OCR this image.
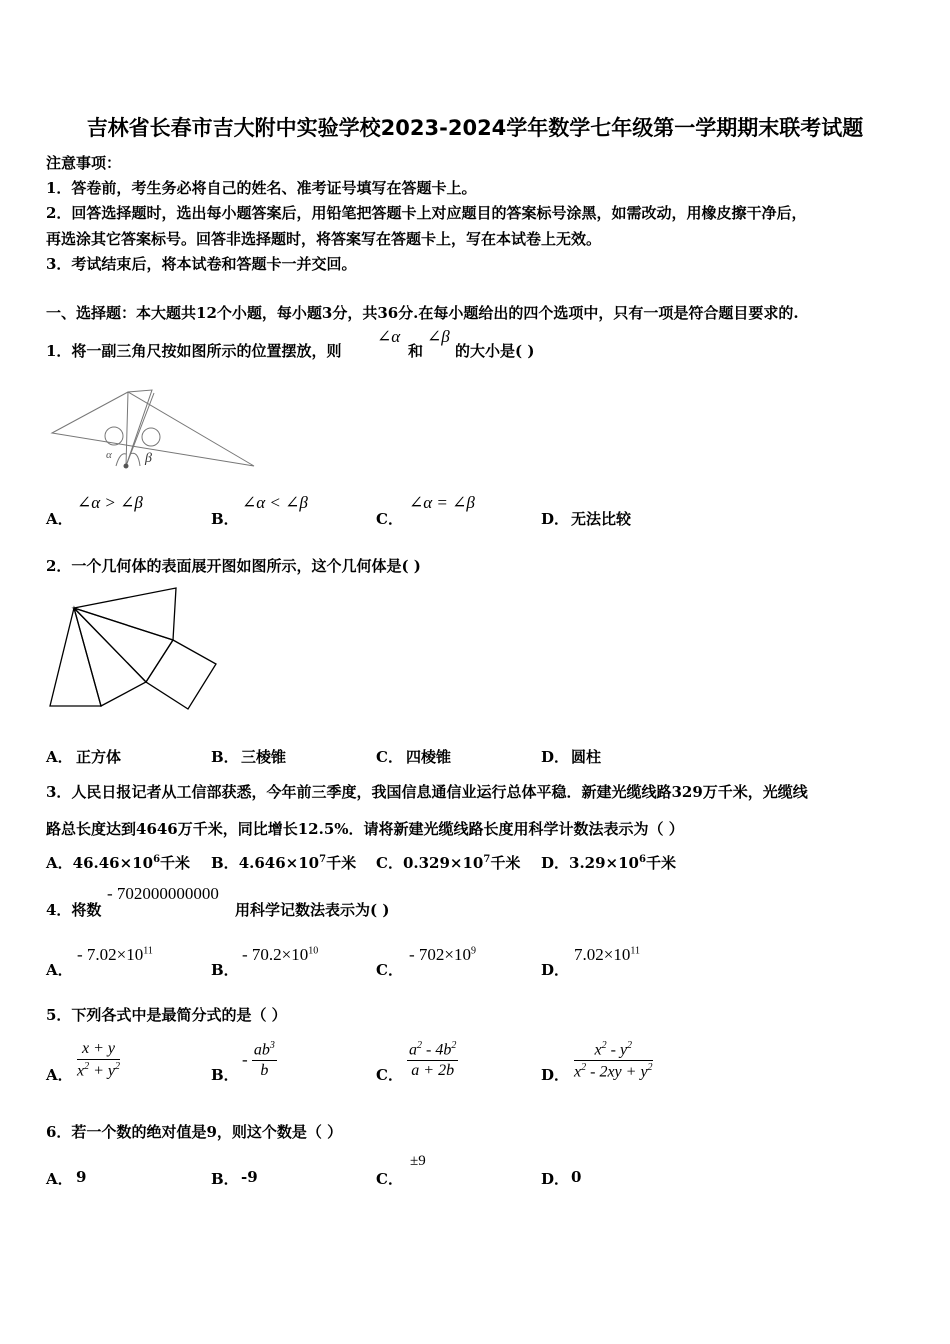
吉林省长春市吉大附中实验学校2023-2024学年数学七年级第一学期期末联考试题
注意事项：
1．答卷前，考生务必将自己的姓名、准考证号填写在答题卡上。
2．回答选择题时，选出每小题答案后，用铅笔把答题卡上对应题目的答案标号涂黑，如需改动，用橡皮擦干净后，
再选涂其它答案标号。回答非选择题时，将答案写在答题卡上，写在本试卷上无效。
3．考试结束后，将本试卷和答题卡一并交回。
一、选择题：本大题共12个小题，每小题3分，共36分.在每小题给出的四个选项中，只有一项是符合题目要求的.
1．将一副三角尺按如图所示的位置摆放，则
∠α
和
∠β
的大小是( )
α β
A．
∠α > ∠β
B．
∠α < ∠β
C．
∠α = ∠β
D． 无法比较
2．一个几何体的表面展开图如图所示，这个几何体是( )
A． 正方体	B． 三棱锥	C． 四棱锥	D． 圆柱
3．人民日报记者从工信部获悉，今年前三季度，我国信息通信业运行总体平稳．新建光缆线路329万千米，光缆线
路总长度达到4646万千米，同比增长12.5%．请将新建光缆线路长度用科学计数法表示为（ ）
A．$46.46\times 10^6$千米 B．$4.646\times 10^7$千米 C．$0.329\times 10^7$千米 D．$3.29\times 10^6$千米
4．将数
- 702000000000
用科学记数法表示为( )
A．
- $7.02\times 10^{11}$
B．
- $70.2\times 10^{10}$
C．
- $702\times 10^9$
D．
$7.02\times 10^{11}$
5．下列各式中是最简分式的是（ ）
A． $\frac{x + y}{x^2 + y^2}$	B．
- $\frac{ab^3}{b}$	C． $\frac{a^2 - 4b^2}{a + 2b}$	D． $\frac{x^2 - y^2}{x^2 - 2xy + y^2}$
6．若一个数的绝对值是9，则这个数是（ ）
A． 9	B． -9	C．
±9
D． 0
